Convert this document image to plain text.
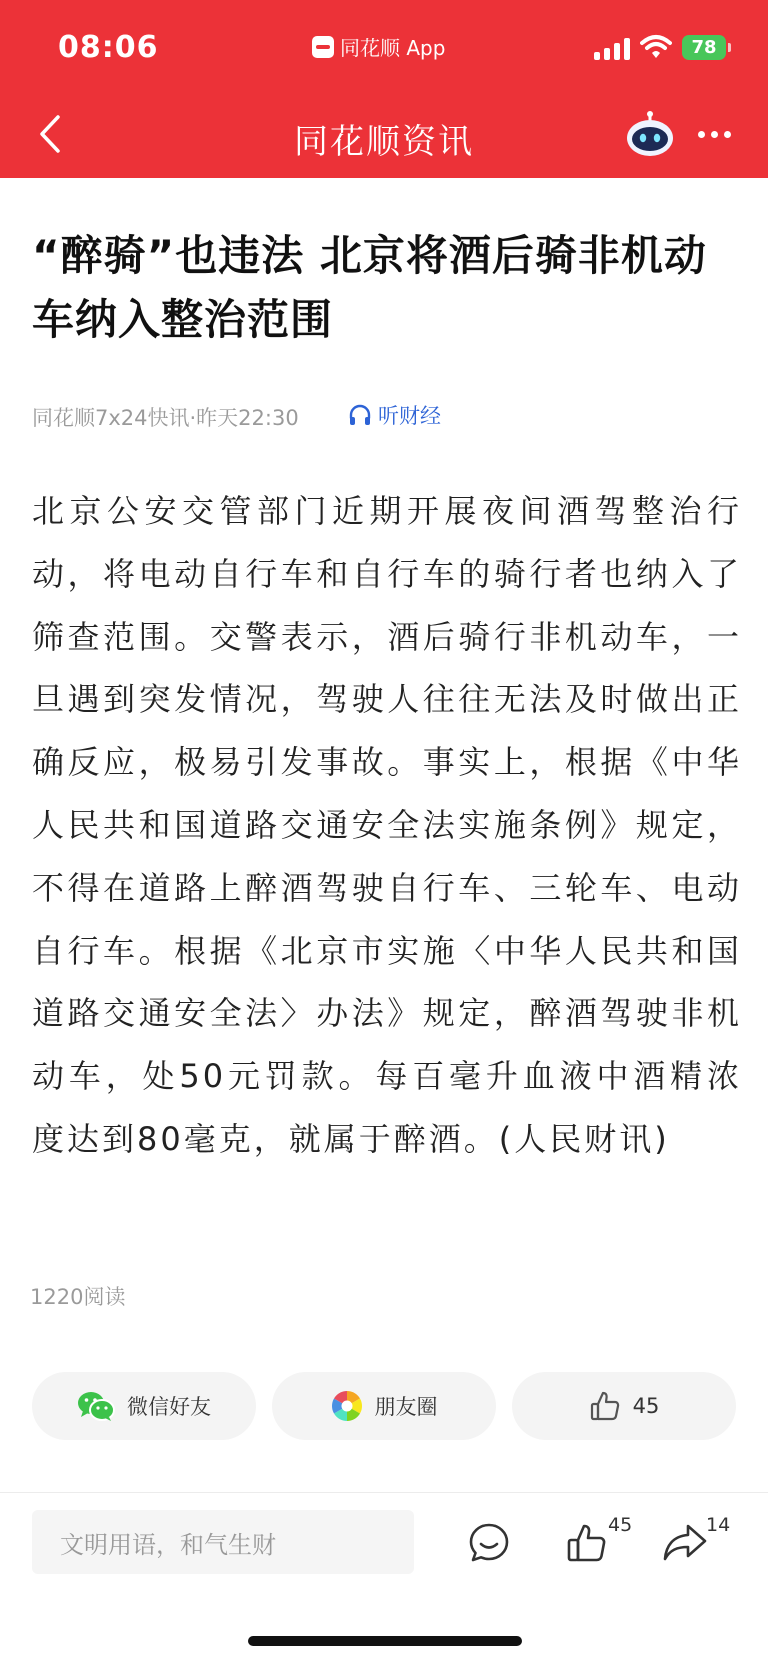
08:06	同花顺 App	78
同花顺资讯
“醉骑”也违法 北京将酒后骑非机动车纳入整治范围
同花顺7x24快讯·昨天22:30	听财经
北京公安交管部门近期开展夜间酒驾整治行动，将电动自行车和自行车的骑行者也纳入了筛查范围。交警表示，酒后骑行非机动车，一旦遇到突发情况，驾驶人往往无法及时做出正确反应，极易引发事故。事实上，根据《中华人民共和国道路交通安全法实施条例》规定，不得在道路上醉酒驾驶自行车、三轮车、电动自行车。根据《北京市实施〈中华人民共和国道路交通安全法〉办法》规定，醉酒驾驶非机动车，处50元罚款。每百毫升血液中酒精浓度达到80毫克，就属于醉酒。(人民财讯)
1220阅读
微信好友	朋友圈	45
文明用语，和气生财
45	14
